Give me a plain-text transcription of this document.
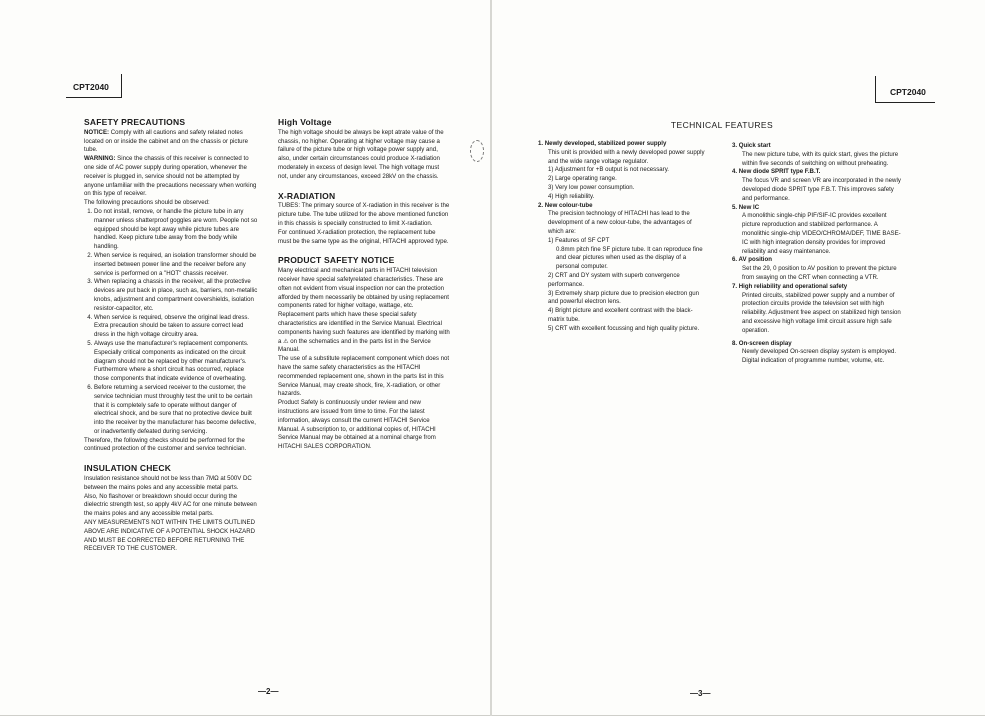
CPT2040
SAFETY PRECAUTIONS

NOTICE: Comply with all cautions and safety related notes located on or inside the cabinet and on the chassis or picture tube.

WARNING: Since the chassis of this receiver is connected to one side of AC power supply during operation, whenever the receiver is plugged in, service should not be attempted by anyone unfamiliar with the precautions necessary when working on this type of receiver.

The following precautions should be observed:

1. Do not install, remove, or handle the picture tube in any manner unless shatterproof goggles are worn. People not so equipped should be kept away while picture tubes are handled. Keep picture tube away from the body while handling.
2. When service is required, an isolation transformer should be inserted between power line and the receiver before any service is performed on a "HOT" chassis receiver.
3. When replacing a chassis in the receiver, all the protective devices are put back in place, such as, barriers, non-metallic knobs, adjustment and compartment covershields, isolation resistor-capacitor, etc.
4. When service is required, observe the original lead dress. Extra precaution should be taken to assure correct lead dress in the high voltage circuitry area.
5. Always use the manufacturer's replacement components. Especially critical components as indicated on the circuit diagram should not be replaced by other manufacturer's. Furthermore where a short circuit has occurred, replace those components that indicate evidence of overheating.
6. Before returning a serviced receiver to the customer, the service technician must throughly test the unit to be certain that it is completely safe to operate without danger of electrical shock, and be sure that no protective device built into the receiver by the manufacturer has become defective, or inadvertently defeated during servicing.

Therefore, the following checks should be performed for the continued protection of the customer and service technician.

INSULATION CHECK

Insulation resistance should not be less than 7MΩ at 500V DC between the mains poles and any accessible metal parts.

Also, No flashover or breakdown should occur during the dielectric strength test, so apply 4kV AC for one minute between the mains poles and any accessible metal parts.

ANY MEASUREMENTS NOT WITHIN THE LIMITS OUTLINED ABOVE ARE INDICATIVE OF A POTENTIAL SHOCK HAZARD AND MUST BE CORRECTED BEFORE RETURNING THE RECEIVER TO THE CUSTOMER.

High Voltage

The high voltage should be always be kept atrate value of the chassis, no higher. Operating at higher voltage may cause a failure of the picture tube or high voltage power supply and, also, under certain circumstances could produce X-radiation moderately in excess of design level. The high voltage must not, under any circumstances, exceed 28kV on the chassis.

X-RADIATION

TUBES: The primary source of X-radiation in this receiver is the picture tube. The tube utilized for the above mentioned function in this chassis is specially constructed to limit X-radiation.

For continued X-radiation protection, the replacement tube must be the same type as the original, HITACHI approved type.

PRODUCT SAFETY NOTICE

Many electrical and mechanical parts in HITACHI television receiver have special safetyrelated characteristics. These are often not evident from visual inspection nor can the protection afforded by them necessarily be obtained by using replacement components rated for higher voltage, wattage, etc. Replacement parts which have these special safety characteristics are identified in the Service Manual. Electrical components having such features are identified by marking with a ⚠ on the schematics and in the parts list in the Service Manual.

The use of a substitute replacement component which does not have the same safety characteristics as the HITACHI recommended replacement one, shown in the parts list in this Service Manual, may create shock, fire, X-radiation, or other hazards.

Product Safety is continuously under review and new instructions are issued from time to time. For the latest information, always consult the current HITACHI Service Manual. A subscription to, or additional copies of, HITACHI Service Manual may be obtained at a nominal charge from HITACHI SALES CORPORATION.

—2—
TECHNICAL FEATURES

1. Newly developed, stabilized power supply

This unit is provided with a newly developed power supply and the wide range voltage regulator.

1) Adjustment for +B output is not necessary.

2) Large operating range.

3) Very low power consumption.

4) High reliability.

2. New colour-tube

The precision technology of HITACHI has lead to the development of a new colour-tube, the advantages of which are:

1) Features of SF CPT

0.8mm pitch fine SF picture tube. It can reproduce fine and clear pictures when used as the display of a personal computer.

2) CRT and DY system with superb convergence performance.

3) Extremely sharp picture due to precision electron gun and powerful electron lens.

4) Bright picture and excellent contrast with the black-matrix tube.

5) CRT with excellent focussing and high quality picture.

3. Quick start

The new picture tube, with its quick start, gives the picture within five seconds of switching on without preheating.

4. New diode SPRIT type F.B.T.

The focus VR and screen VR are incorporated in the newly developed diode SPRIT type F.B.T. This improves safety and performance.

5. New IC

A monolithic single-chip PIF/SIF-IC provides excellent picture reproduction and stabilized performance. A monolithic single-chip VIDEO/CHROMA/DEF, TIME BASE-IC with high integration density provides for improved reliability and easy maintenance.

6. AV position

Set the 29, 0 position to AV position to prevent the picture from swaying on the CRT when connecting a VTR.

7. High reliability and operational safety

Printed circuits, stabilized power supply and a number of protection circuits provide the television set with high reliability. Adjustment free aspect on stabilized high tension and excessive high voltage limit circuit assure high safe operation.

8. On-screen display

Newly developed On-screen display system is employed. Digital indication of programme number, volume, etc.

—3—
CPT2040
